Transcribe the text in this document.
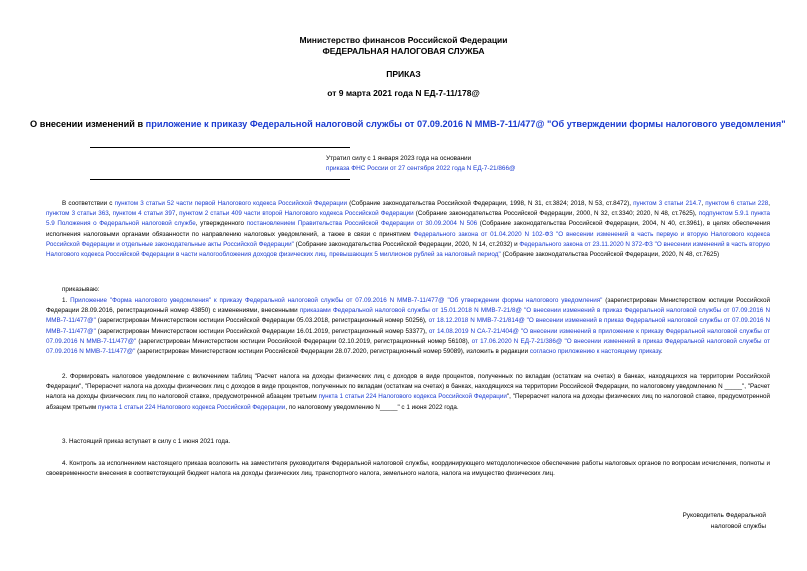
Министерство финансов Российской Федерации
ФЕДЕРАЛЬНАЯ НАЛОГОВАЯ СЛУЖБА
ПРИКАЗ
от 9 марта 2021 года N ЕД-7-11/178@
О внесении изменений в приложение к приказу Федеральной налоговой службы от 07.09.2016 N ММВ-7-11/477@ "Об утверждении формы налогового уведомления"
Утратил силу с 1 января 2023 года на основании
приказа ФНС России от 27 сентября 2022 года N ЕД-7-21/866@
В соответствии с пунктом 3 статьи 52 части первой Налогового кодекса Российской Федерации (Собрание законодательства Российской Федерации, 1998, N 31, ст.3824; 2018, N 53, ст.8472), пунктом 3 статьи 214.7, пунктом 6 статьи 228, пунктом 3 статьи 363, пунктом 4 статьи 397, пунктом 2 статьи 409 части второй Налогового кодекса Российской Федерации (Собрание законодательства Российской Федерации, 2000, N 32, ст.3340; 2020, N 48, ст.7625), подпунктом 5.9.1 пункта 5.9 Положения о Федеральной налоговой службе, утвержденного постановлением Правительства Российской Федерации от 30.09.2004 N 506 (Собрание законодательства Российской Федерации, 2004, N 40, ст.3961), в целях обеспечения исполнения налоговыми органами обязанности по направлению налоговых уведомлений, а также в связи с принятием Федерального закона от 01.04.2020 N 102-ФЗ "О внесении изменений в часть первую и вторую Налогового кодекса Российской Федерации и отдельные законодательные акты Российской Федерации" (Собрание законодательства Российской Федерации, 2020, N 14, ст.2032) и Федерального закона от 23.11.2020 N 372-ФЗ "О внесении изменений в часть вторую Налогового кодекса Российской Федерации в части налогообложения доходов физических лиц, превышающих 5 миллионов рублей за налоговый период" (Собрание законодательства Российской Федерации, 2020, N 48, ст.7625)
приказываю:
1. Приложение "Форма налогового уведомления" к приказу Федеральной налоговой службы от 07.09.2016 N ММВ-7-11/477@ "Об утверждении формы налогового уведомления" (зарегистрирован Министерством юстиции Российской Федерации 28.09.2016, регистрационный номер 43850) с изменениями, внесенными приказами Федеральной налоговой службы от 15.01.2018 N ММВ-7-21/8@ "О внесении изменений в приказ Федеральной налоговой службы от 07.09.2016 N ММВ-7-11/477@" (зарегистрирован Министерством юстиции Российской Федерации 05.03.2018, регистрационный номер 50256), от 18.12.2018 N ММВ-7-21/814@ "О внесении изменений в приказ Федеральной налоговой службы от 07.09.2016 N ММВ-7-11/477@" (зарегистрирован Министерством юстиции Российской Федерации 16.01.2019, регистрационный номер 53377), от 14.08.2019 N СА-7-21/404@ "О внесении изменений в приложение к приказу Федеральной налоговой службы от 07.09.2016 N ММВ-7-11/477@" (зарегистрирован Министерством юстиции Российской Федерации 02.10.2019, регистрационный номер 56108), от 17.06.2020 N ЕД-7-21/386@ "О внесении изменений в приказ Федеральной налоговой службы от 07.09.2016 N ММВ-7-11/477@" (зарегистрирован Министерством юстиции Российской Федерации 28.07.2020, регистрационный номер 59089), изложить в редакции согласно приложению к настоящему приказу.
2. Формировать налоговое уведомление с включением таблиц "Расчет налога на доходы физических лиц с доходов в виде процентов, полученных по вкладам (остаткам на счетах) в банках, находящихся на территории Российской Федерации", "Перерасчет налога на доходы физических лиц с доходов в виде процентов, полученных по вкладам (остаткам на счетах) в банках, находящихся на территории Российской Федерации, по налоговому уведомлению N _____", "Расчет налога на доходы физических лиц по налоговой ставке, предусмотренной абзацем третьим пункта 1 статьи 224 Налогового кодекса Российской Федерации", "Перерасчет налога на доходы физических лиц по налоговой ставке, предусмотренной абзацем третьим пункта 1 статьи 224 Налогового кодекса Российской Федерации, по налоговому уведомлению N_____" с 1 июня 2022 года.
3. Настоящий приказ вступает в силу с 1 июня 2021 года.
4. Контроль за исполнением настоящего приказа возложить на заместителя руководителя Федеральной налоговой службы, координирующего методологическое обеспечение работы налоговых органов по вопросам исчисления, полноты и своевременности внесения в соответствующий бюджет налога на доходы физических лиц, транспортного налога, земельного налога, налога на имущество физических лиц.
Руководитель Федеральной
налоговой службы
